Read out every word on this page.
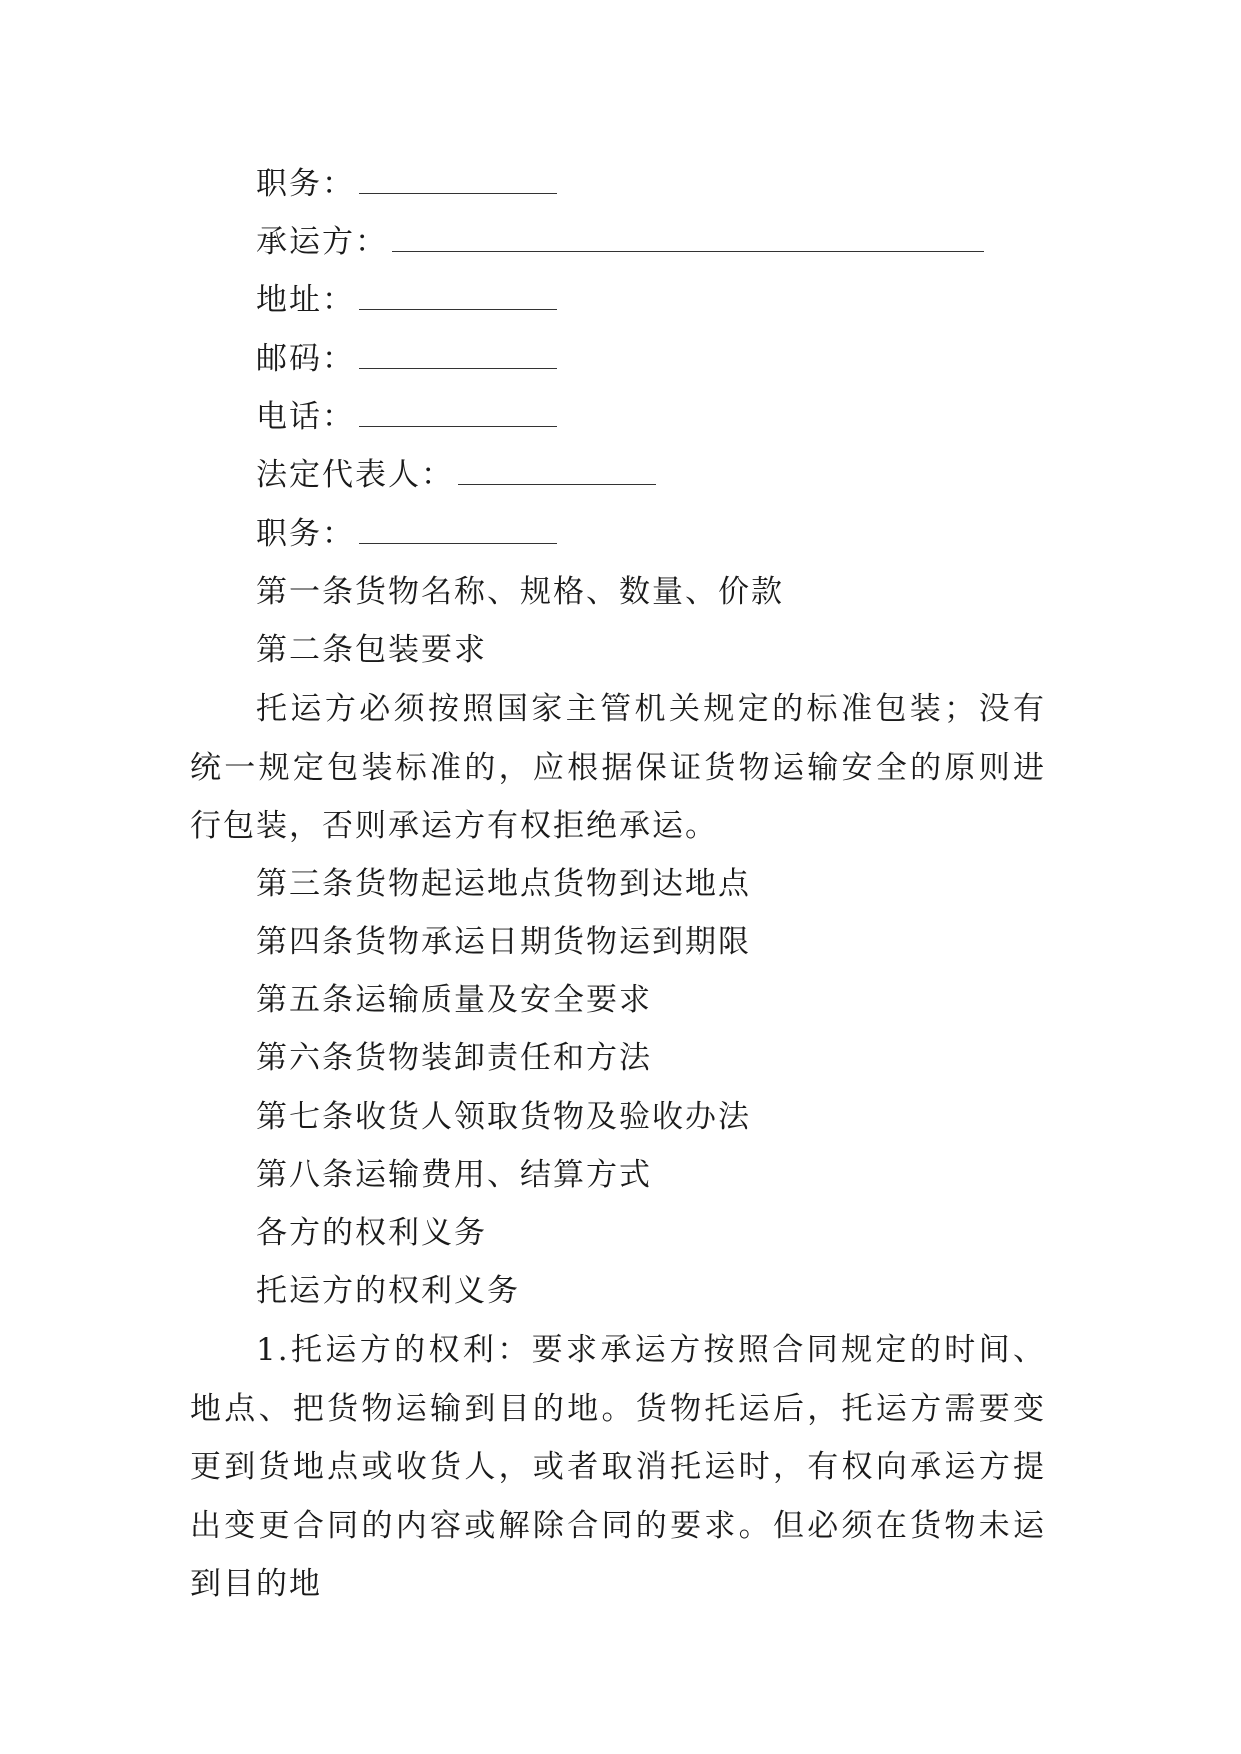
职务：
承运方：
地址：
邮码：
电话：
法定代表人：
职务：
第一条货物名称、规格、数量、价款
第二条包装要求
托运方必须按照国家主管机关规定的标准包装；没有统一规定包装标准的，应根据保证货物运输安全的原则进行包装，否则承运方有权拒绝承运。
第三条货物起运地点货物到达地点
第四条货物承运日期货物运到期限
第五条运输质量及安全要求
第六条货物装卸责任和方法
第七条收货人领取货物及验收办法
第八条运输费用、结算方式
各方的权利义务
托运方的权利义务
1.托运方的权利：要求承运方按照合同规定的时间、地点、把货物运输到目的地。货物托运后，托运方需要变更到货地点或收货人，或者取消托运时，有权向承运方提出变更合同的内容或解除合同的要求。但必须在货物未运到目的地
